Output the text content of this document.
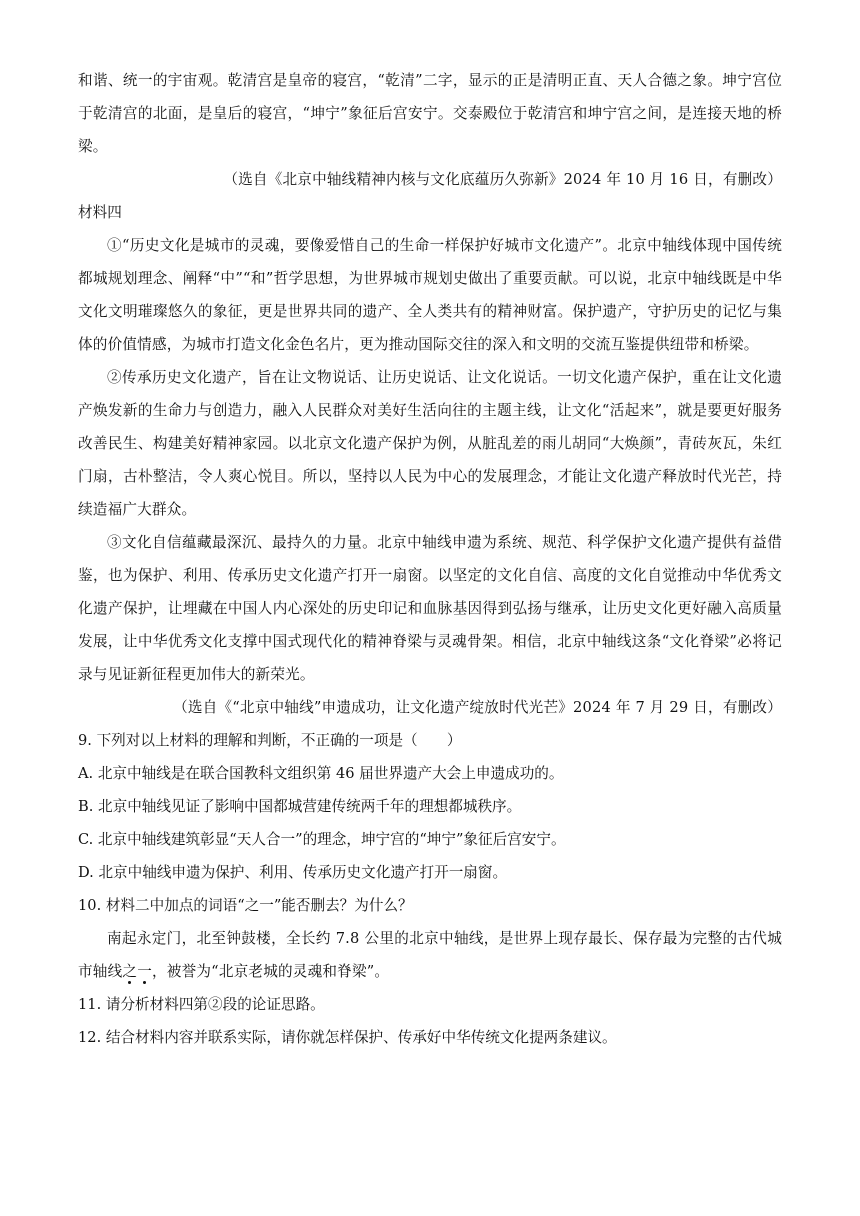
和谐、统一的宇宙观。乾清宫是皇帝的寝宫，“乾清”二字，显示的正是清明正直、天人合德之象。坤宁宫位于乾清宫的北面，是皇后的寝宫，“坤宁”象征后宫安宁。交泰殿位于乾清宫和坤宁宫之间，是连接天地的桥梁。

（选自《北京中轴线精神内核与文化底蕴历久弥新》2024 年 10 月 16 日，有删改）

材料四

①“历史文化是城市的灵魂，要像爱惜自己的生命一样保护好城市文化遗产”。北京中轴线体现中国传统都城规划理念、阐释“中”“和”哲学思想，为世界城市规划史做出了重要贡献。可以说，北京中轴线既是中华文化文明璀璨悠久的象征，更是世界共同的遗产、全人类共有的精神财富。保护遗产，守护历史的记忆与集体的价值情感，为城市打造文化金色名片，更为推动国际交往的深入和文明的交流互鉴提供纽带和桥梁。

②传承历史文化遗产，旨在让文物说话、让历史说话、让文化说话。一切文化遗产保护，重在让文化遗产焕发新的生命力与创造力，融入人民群众对美好生活向往的主题主线，让文化“活起来”，就是要更好服务改善民生、构建美好精神家园。以北京文化遗产保护为例，从脏乱差的雨儿胡同“大焕颜”，青砖灰瓦，朱红门扇，古朴整洁，令人爽心悦目。所以，坚持以人民为中心的发展理念，才能让文化遗产释放时代光芒，持续造福广大群众。

③文化自信蕴藏最深沉、最持久的力量。北京中轴线申遗为系统、规范、科学保护文化遗产提供有益借鉴，也为保护、利用、传承历史文化遗产打开一扇窗。以坚定的文化自信、高度的文化自觉推动中华优秀文化遗产保护，让埋藏在中国人内心深处的历史印记和血脉基因得到弘扬与继承，让历史文化更好融入高质量发展，让中华优秀文化支撑中国式现代化的精神脊梁与灵魂骨架。相信，北京中轴线这条“文化脊梁”必将记录与见证新征程更加伟大的新荣光。

（选自《“北京中轴线”申遗成功，让文化遗产绽放时代光芒》2024 年 7 月 29 日，有删改）

9. 下列对以上材料的理解和判断，不正确的一项是（　　）

A. 北京中轴线是在联合国教科文组织第 46 届世界遗产大会上申遗成功的。

B. 北京中轴线见证了影响中国都城营建传统两千年的理想都城秩序。

C. 北京中轴线建筑彰显“天人合一”的理念，坤宁宫的“坤宁”象征后宫安宁。

D. 北京中轴线申遗为保护、利用、传承历史文化遗产打开一扇窗。

10. 材料二中加点的词语“之一”能否删去？为什么？

南起永定门，北至钟鼓楼，全长约 7.8 公里的北京中轴线，是世界上现存最长、保存最为完整的古代城市轴线之一，被誉为“北京老城的灵魂和脊梁”。

11. 请分析材料四第②段的论证思路。

12. 结合材料内容并联系实际，请你就怎样保护、传承好中华传统文化提两条建议。
